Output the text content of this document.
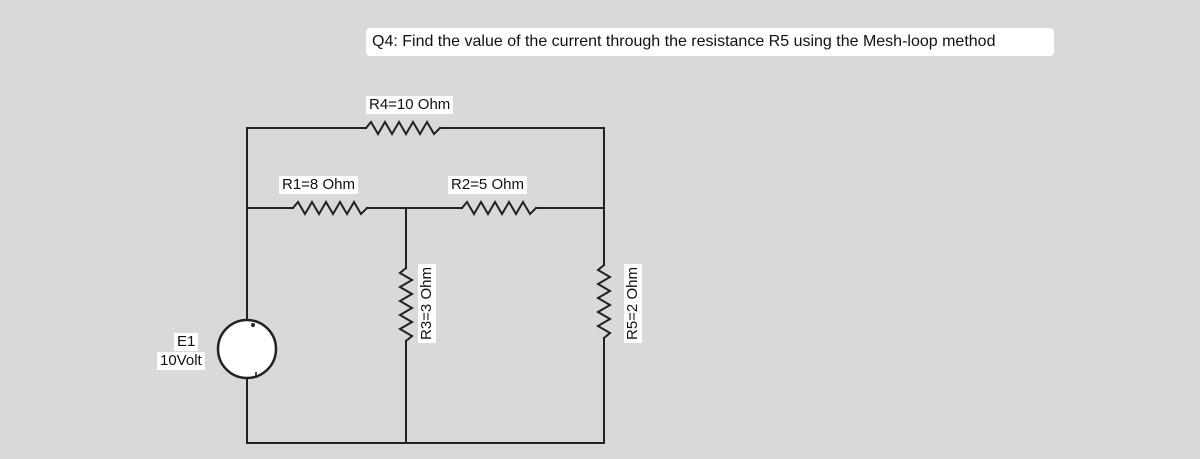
Q4: Find the value of the current through the resistance R5 using the Mesh-loop method
R4=10 Ohm
R1=8 Ohm	R2=5 Ohm
R3=3 Ohm	R5=2 Ohm
E1
10Volt
